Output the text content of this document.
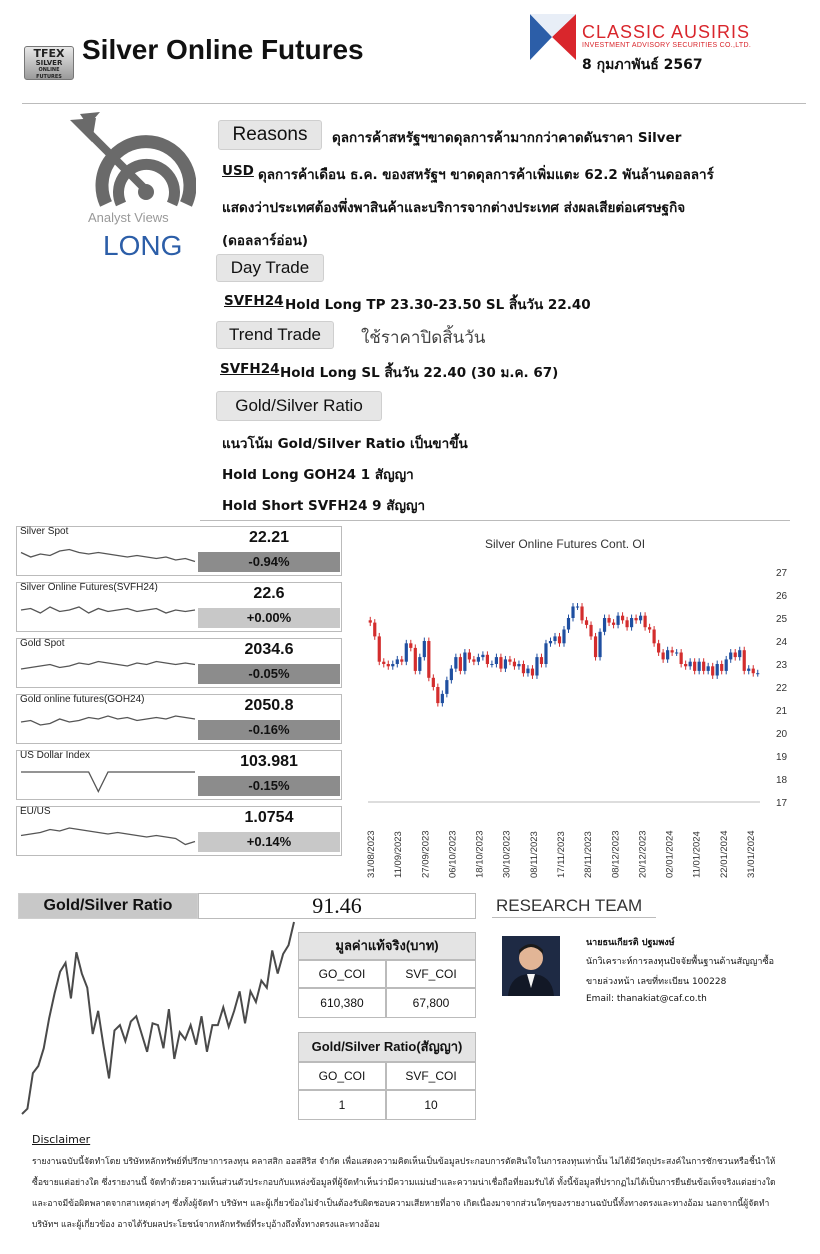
TFEX
SILVER
ONLINE FUTURES
Silver Online Futures
CLASSIC AUSIRIS
INVESTMENT ADVISORY SECURITIES CO.,LTD.
8 กุมภาพันธ์ 2567
Analyst Views
LONG
Reasons	ดุลการค้าสหรัฐฯขาดดุลการค้ามากกว่าคาดดันราคา Silver
USD ดุลการค้าเดือน ธ.ค. ของสหรัฐฯ ขาดดุลการค้าเพิ่มแตะ 62.2 พันล้านดอลลาร์
แสดงว่าประเทศต้องพึ่งพาสินค้าและบริการจากต่างประเทศ ส่งผลเสียต่อเศรษฐกิจ
(ดอลลาร์อ่อน)
Day Trade
SVFH24 Hold Long TP 23.30-23.50 SL สิ้นวัน 22.40
Trend Trade	ใช้ราคาปิดสิ้นวัน
SVFH24 Hold Long SL สิ้นวัน 22.40 (30 ม.ค. 67)
Gold/Silver Ratio
แนวโน้ม Gold/Silver Ratio เป็นขาขึ้น
Hold Long GOH24 1 สัญญา
Hold Short SVFH24 9 สัญญา
Silver Spot	22.21
-0.94%
Silver Online Futures(SVFH24)	22.6
+0.00%
Gold Spot	2034.6
-0.05%
Gold online futures(GOH24)	2050.8
-0.16%
US Dollar Index	103.981
-0.15%
EU/US	1.0754
+0.14%
Silver Online Futures Cont. OI
27
26
25
24
23
22
21
20
19
18
17
31/08/2023 11/09/2023 27/09/2023 06/10/2023 18/10/2023 30/10/2023 08/11/2023 17/11/2023 28/11/2023 08/12/2023 20/12/2023 02/01/2024 11/01/2024 22/01/2024 31/01/2024
Gold/Silver Ratio	91.46
มูลค่าแท้จริง(บาท)
GO_COI	SVF_COI
610,380	67,800
Gold/Silver Ratio(สัญญา)
GO_COI	SVF_COI
1	10
RESEARCH TEAM
นายธนเกียรติ ปฐมพงษ์
นักวิเคราะห์การลงทุนปัจจัยพื้นฐานด้านสัญญาซื้อ
ขายล่วงหน้า เลขที่ทะเบียน 100228
Email: thanakiat@caf.co.th
Disclaimer
รายงานฉบับนี้จัดทำโดย บริษัทหลักทรัพย์ที่ปรึกษาการลงทุน คลาสสิก ออสสิริส จำกัด เพื่อแสดงความคิดเห็นเป็นข้อมูลประกอบการตัดสินใจในการลงทุนเท่านั้น ไม่ได้มีวัตถุประสงค์ในการชักชวนหรือชี้นำให้ซื้อขายแต่อย่างใด ซึ่งรายงานนี้ จัดทำด้วยความเห็นส่วนตัวประกอบกับแหล่งข้อมูลที่ผู้จัดทำเห็นว่ามีความแม่นยำและความน่าเชื่อถือที่ยอมรับได้ ทั้งนี้ข้อมูลที่ปรากฏไม่ได้เป็นการยืนยันข้อเท็จจริงแต่อย่างใดและอาจมีข้อผิดพลาดจากสาเหตุต่างๆ ซึ่งทั้งผู้จัดทำ บริษัทฯ และผู้เกี่ยวข้องไม่จำเป็นต้องรับผิดชอบความเสียหายที่อาจ เกิดเนื่องมาจากส่วนใดๆของรายงานฉบับนี้ทั้งทางตรงและทางอ้อม นอกจากนี้ผู้จัดทำ บริษัทฯ และผู้เกี่ยวข้อง อาจได้รับผลประโยชน์จากหลักทรัพย์ที่ระบุอ้างถึงทั้งทางตรงและทางอ้อม
